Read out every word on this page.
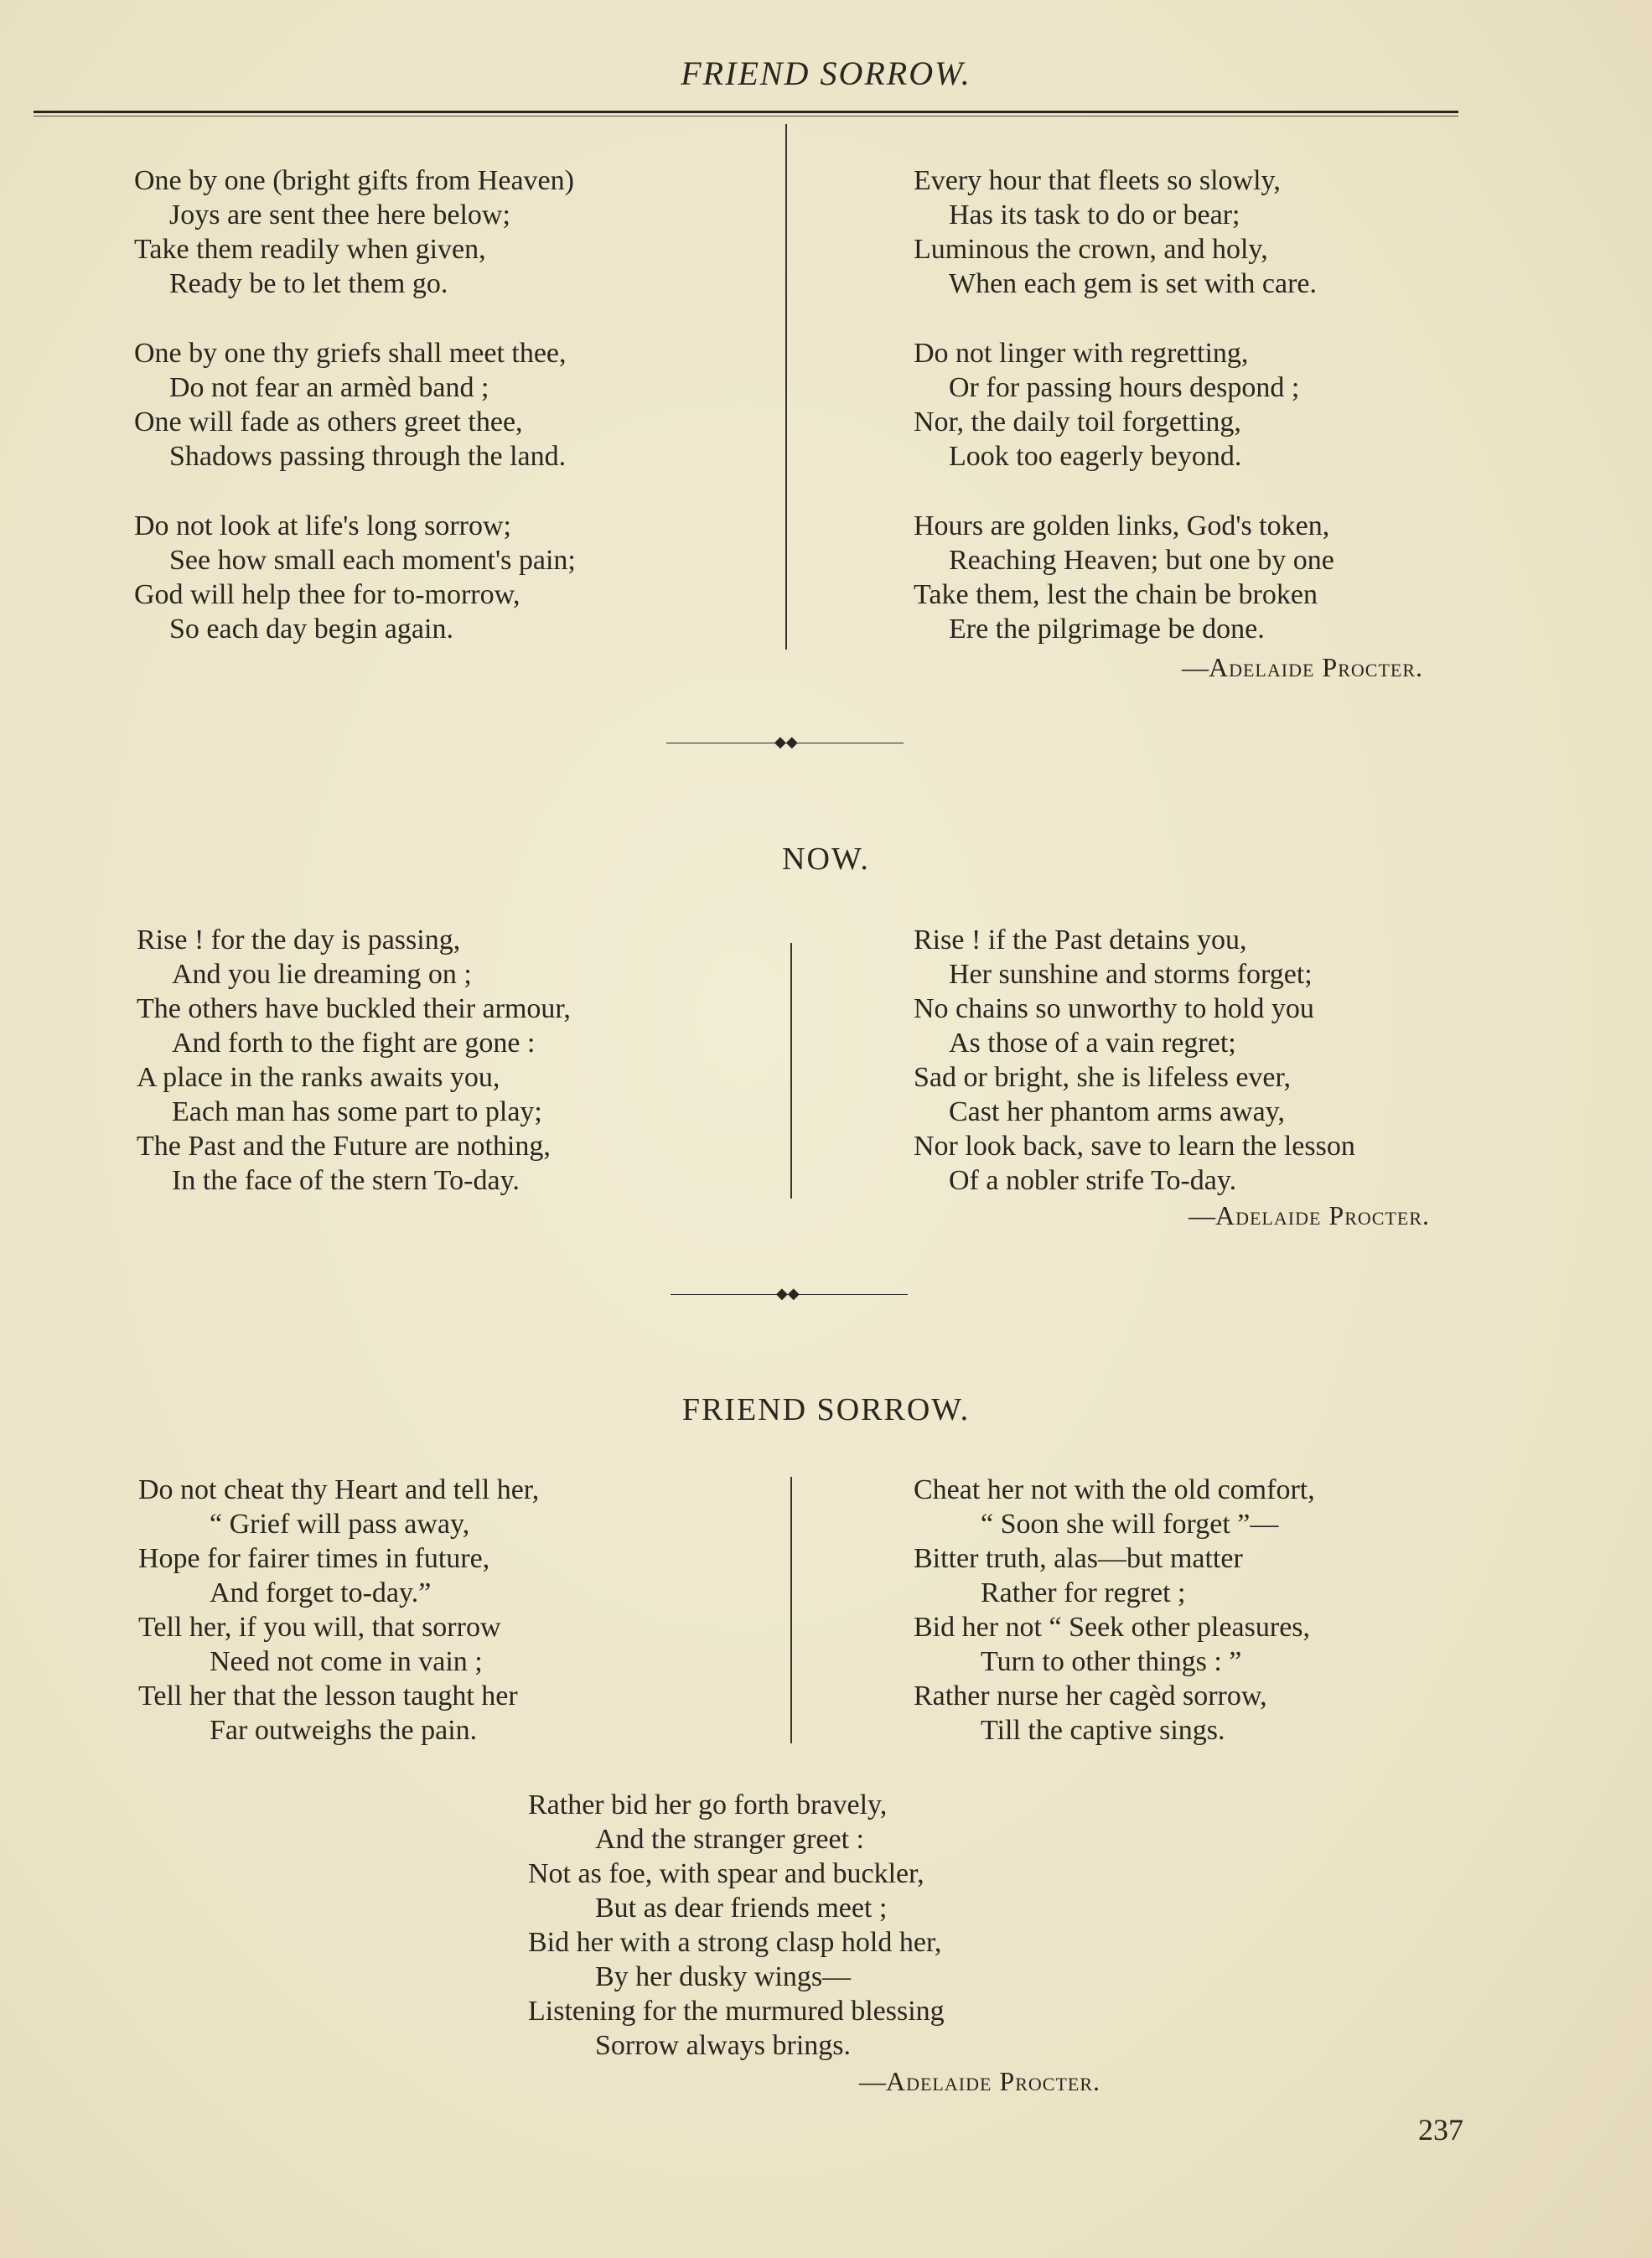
FRIEND SORROW.
One by one (bright gifts from Heaven)
Joys are sent thee here below;
Take them readily when given,
Ready be to let them go.
One by one thy griefs shall meet thee,
Do not fear an armèd band ;
One will fade as others greet thee,
Shadows passing through the land.
Do not look at life's long sorrow;
See how small each moment's pain;
God will help thee for to-morrow,
So each day begin again.
Every hour that fleets so slowly,
Has its task to do or bear;
Luminous the crown, and holy,
When each gem is set with care.
Do not linger with regretting,
Or for passing hours despond ;
Nor, the daily toil forgetting,
Look too eagerly beyond.
Hours are golden links, God's token,
Reaching Heaven; but one by one
Take them, lest the chain be broken
Ere the pilgrimage be done.
—Adelaide Procter.
◆◆
NOW.
Rise ! for the day is passing,
And you lie dreaming on ;
The others have buckled their armour,
And forth to the fight are gone :
A place in the ranks awaits you,
Each man has some part to play;
The Past and the Future are nothing,
In the face of the stern To-day.
Rise ! if the Past detains you,
Her sunshine and storms forget;
No chains so unworthy to hold you
As those of a vain regret;
Sad or bright, she is lifeless ever,
Cast her phantom arms away,
Nor look back, save to learn the lesson
Of a nobler strife To-day.
—Adelaide Procter.
◆◆
FRIEND SORROW.
Do not cheat thy Heart and tell her,
“ Grief will pass away,
Hope for fairer times in future,
And forget to-day.”
Tell her, if you will, that sorrow
Need not come in vain ;
Tell her that the lesson taught her
Far outweighs the pain.
Cheat her not with the old comfort,
“ Soon she will forget ”—
Bitter truth, alas—but matter
Rather for regret ;
Bid her not “ Seek other pleasures,
Turn to other things : ”
Rather nurse her cagèd sorrow,
Till the captive sings.
Rather bid her go forth bravely,
And the stranger greet :
Not as foe, with spear and buckler,
But as dear friends meet ;
Bid her with a strong clasp hold her,
By her dusky wings—
Listening for the murmured blessing
Sorrow always brings.
—Adelaide Procter.
237
